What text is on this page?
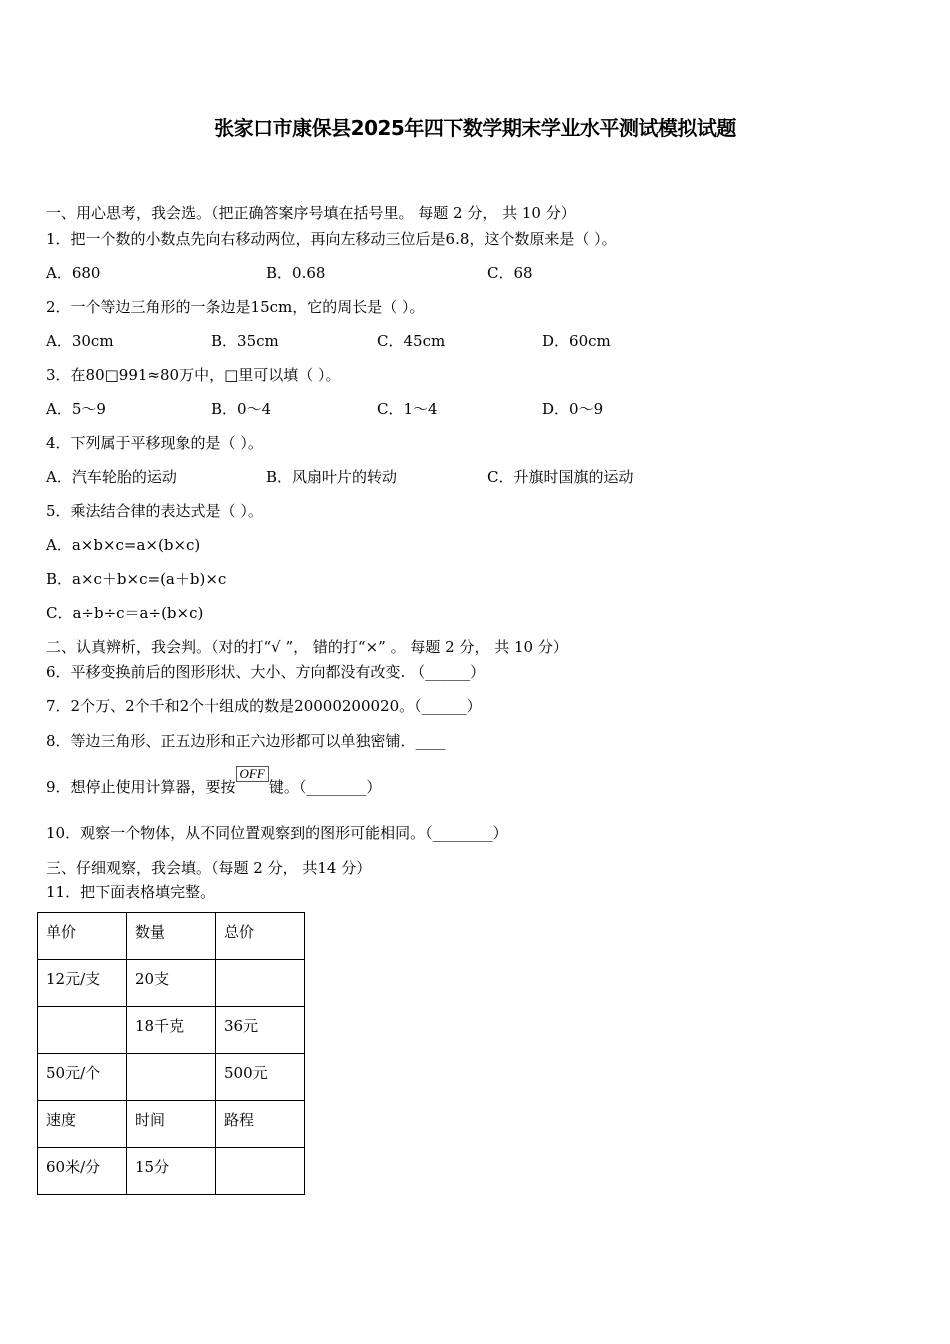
张家口市康保县2025年四下数学期末学业水平测试模拟试题
一、用心思考，我会选。（把正确答案序号填在括号里。 每题 2 分， 共 10 分）
1．把一个数的小数点先向右移动两位，再向左移动三位后是6.8，这个数原来是（ ）。
A．680	B．0.68	C．68
2．一个等边三角形的一条边是15cm，它的周长是（ ）。
A．30cm	B．35cm	C．45cm	D．60cm
3．在80□991≈80万中，□里可以填（ ）。
A．5～9	B．0～4	C．1～4	D．0～9
4．下列属于平移现象的是（ ）。
A．汽车轮胎的运动	B．风扇叶片的转动	C．升旗时国旗的运动
5．乘法结合律的表达式是（ ）。
A．a×b×c=a×(b×c)
B．a×c＋b×c=(a＋b)×c
C．a÷b÷c＝a÷(b×c)
二、认真辨析，我会判。（对的打“√ ”， 错的打“×” 。 每题 2 分， 共 10 分）
6．平移变换前后的图形形状、大小、方向都没有改变. （______）
7．2个万、2个千和2个十组成的数是20000200020。（______）
8．等边三角形、正五边形和正六边形都可以单独密铺．____
9．想停止使用计算器，要按OFF键。（________）
10．观察一个物体，从不同位置观察到的图形可能相同。（________）
三、仔细观察，我会填。（每题 2 分， 共14 分）
11．把下面表格填完整。
单价	数量	总价
12元/支	20支	
	18千克	36元
50元/个		500元
速度	时间	路程
60米/分	15分	
